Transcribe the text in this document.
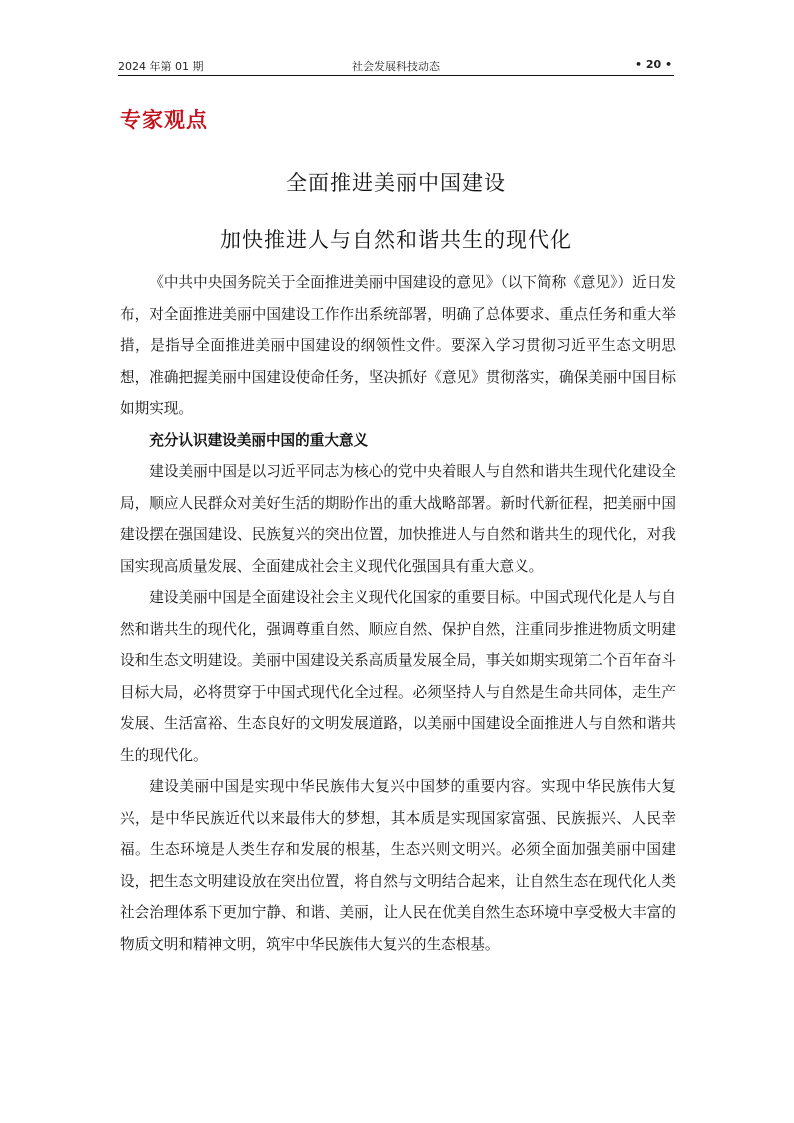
2024 年第 01 期	社会发展科技动态	• 20 •
专家观点
全面推进美丽中国建设
加快推进人与自然和谐共生的现代化

《中共中央国务院关于全面推进美丽中国建设的意见》（以下简称《意见》）近日发布，对全面推进美丽中国建设工作作出系统部署，明确了总体要求、重点任务和重大举措，是指导全面推进美丽中国建设的纲领性文件。要深入学习贯彻习近平生态文明思想，准确把握美丽中国建设使命任务，坚决抓好《意见》贯彻落实，确保美丽中国目标如期实现。

充分认识建设美丽中国的重大意义

建设美丽中国是以习近平同志为核心的党中央着眼人与自然和谐共生现代化建设全局，顺应人民群众对美好生活的期盼作出的重大战略部署。新时代新征程，把美丽中国建设摆在强国建设、民族复兴的突出位置，加快推进人与自然和谐共生的现代化，对我国实现高质量发展、全面建成社会主义现代化强国具有重大意义。

建设美丽中国是全面建设社会主义现代化国家的重要目标。中国式现代化是人与自然和谐共生的现代化，强调尊重自然、顺应自然、保护自然，注重同步推进物质文明建设和生态文明建设。美丽中国建设关系高质量发展全局，事关如期实现第二个百年奋斗目标大局，必将贯穿于中国式现代化全过程。必须坚持人与自然是生命共同体，走生产发展、生活富裕、生态良好的文明发展道路，以美丽中国建设全面推进人与自然和谐共生的现代化。

建设美丽中国是实现中华民族伟大复兴中国梦的重要内容。实现中华民族伟大复兴，是中华民族近代以来最伟大的梦想，其本质是实现国家富强、民族振兴、人民幸福。生态环境是人类生存和发展的根基，生态兴则文明兴。必须全面加强美丽中国建设，把生态文明建设放在突出位置，将自然与文明结合起来，让自然生态在现代化人类社会治理体系下更加宁静、和谐、美丽，让人民在优美自然生态环境中享受极大丰富的物质文明和精神文明，筑牢中华民族伟大复兴的生态根基。
